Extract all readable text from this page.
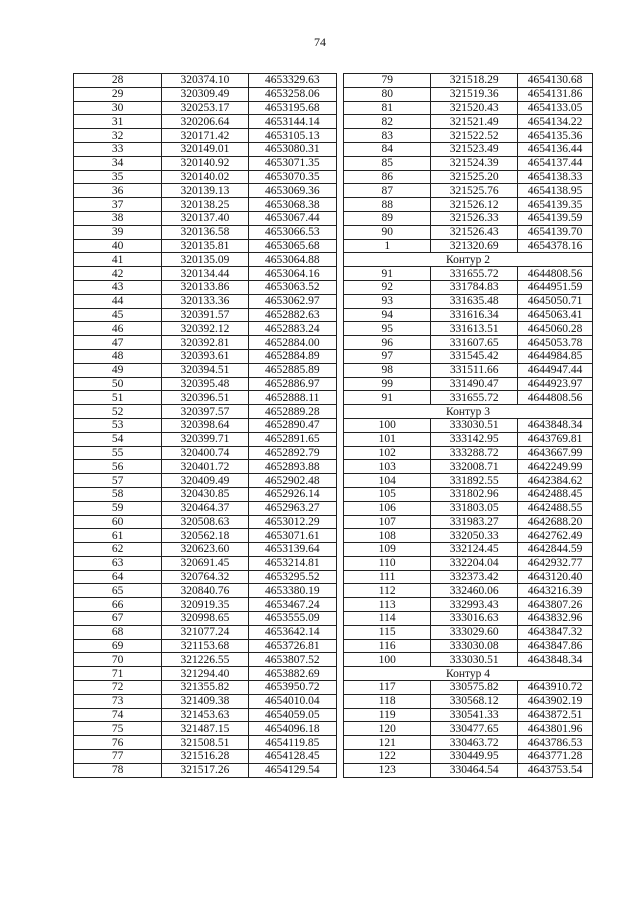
74
28	320374.10	4653329.63
29	320309.49	4653258.06
30	320253.17	4653195.68
31	320206.64	4653144.14
32	320171.42	4653105.13
33	320149.01	4653080.31
34	320140.92	4653071.35
35	320140.02	4653070.35
36	320139.13	4653069.36
37	320138.25	4653068.38
38	320137.40	4653067.44
39	320136.58	4653066.53
40	320135.81	4653065.68
41	320135.09	4653064.88
42	320134.44	4653064.16
43	320133.86	4653063.52
44	320133.36	4653062.97
45	320391.57	4652882.63
46	320392.12	4652883.24
47	320392.81	4652884.00
48	320393.61	4652884.89
49	320394.51	4652885.89
50	320395.48	4652886.97
51	320396.51	4652888.11
52	320397.57	4652889.28
53	320398.64	4652890.47
54	320399.71	4652891.65
55	320400.74	4652892.79
56	320401.72	4652893.88
57	320409.49	4652902.48
58	320430.85	4652926.14
59	320464.37	4652963.27
60	320508.63	4653012.29
61	320562.18	4653071.61
62	320623.60	4653139.64
63	320691.45	4653214.81
64	320764.32	4653295.52
65	320840.76	4653380.19
66	320919.35	4653467.24
67	320998.65	4653555.09
68	321077.24	4653642.14
69	321153.68	4653726.81
70	321226.55	4653807.52
71	321294.40	4653882.69
72	321355.82	4653950.72
73	321409.38	4654010.04
74	321453.63	4654059.05
75	321487.15	4654096.18
76	321508.51	4654119.85
77	321516.28	4654128.45
78	321517.26	4654129.54
79	321518.29	4654130.68
80	321519.36	4654131.86
81	321520.43	4654133.05
82	321521.49	4654134.22
83	321522.52	4654135.36
84	321523.49	4654136.44
85	321524.39	4654137.44
86	321525.20	4654138.33
87	321525.76	4654138.95
88	321526.12	4654139.35
89	321526.33	4654139.59
90	321526.43	4654139.70
1	321320.69	4654378.16
Контур 2		
91	331655.72	4644808.56
92	331784.83	4644951.59
93	331635.48	4645050.71
94	331616.34	4645063.41
95	331613.51	4645060.28
96	331607.65	4645053.78
97	331545.42	4644984.85
98	331511.66	4644947.44
99	331490.47	4644923.97
91	331655.72	4644808.56
Контур 3		
100	333030.51	4643848.34
101	333142.95	4643769.81
102	333288.72	4643667.99
103	332008.71	4642249.99
104	331892.55	4642384.62
105	331802.96	4642488.45
106	331803.05	4642488.55
107	331983.27	4642688.20
108	332050.33	4642762.49
109	332124.45	4642844.59
110	332204.04	4642932.77
111	332373.42	4643120.40
112	332460.06	4643216.39
113	332993.43	4643807.26
114	333016.63	4643832.96
115	333029.60	4643847.32
116	333030.08	4643847.86
100	333030.51	4643848.34
Контур 4		
117	330575.82	4643910.72
118	330568.12	4643902.19
119	330541.33	4643872.51
120	330477.65	4643801.96
121	330463.72	4643786.53
122	330449.95	4643771.28
123	330464.54	4643753.54
